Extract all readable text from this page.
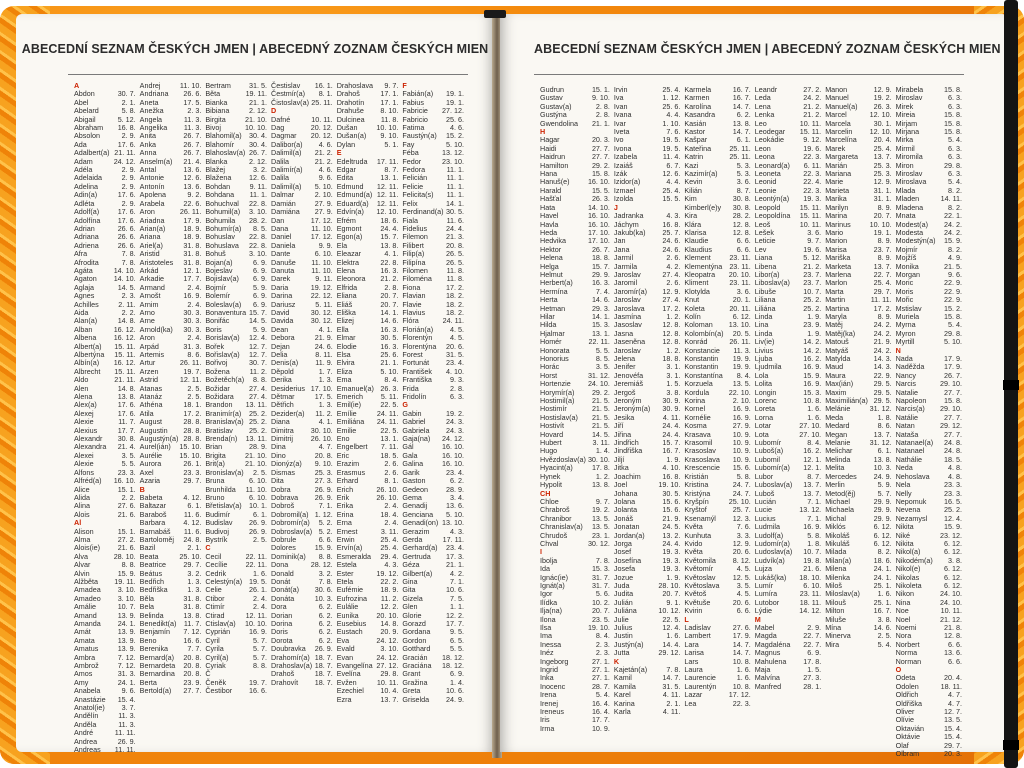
ABECEDNÍ SEZNAM ČESKÝCH JMEN | ABECEDNÝ ZOZNAM ČESKÝCH MIEN
A
Abdon	30. 7.
Abel	2. 1.
Abelard	5. 8.
Abigail	5. 12.
Abraham 16. 8.
Absolon	2. 9.
Ada	17. 6.
Adalbert(a) 21. 11.
Adam	24. 12.
Adéla	2. 9.
Adelaida	2. 9.
Adelina	2. 9.
Adin(a)	17. 6.
Adléta	2. 9.
Adolf(a)	17. 6.
Adolfína 17. 6.
Adrian	26. 6.
Adriana	26. 6.
Adriena	26. 6.
Afra	7. 8.
Afrodita	7. 8.
Agáta	14. 10.
Agaton 14. 10.
Aglaja	14. 5.
Agnes	2. 3.
Achilles	2. 11.
Aida	2. 2.
Alan(a)	14. 8.
Alban	16. 12.
Albena 16. 12.
Albert(a) 15. 11.
Albertýna 15. 11.
Albín(a) 16. 12.
Albrecht 15. 11.
Aldo	21. 11.
Alen	14. 8.
Alena	13. 8.
Alex(a)	17. 6.
Alexej	17. 6.
Alexie	11. 7.
Alexius	17. 7.
Alexandr 30. 8.
Alexandra 21. 4.
Alexei	3. 5.
Alexie	5. 5.
Alfons	23. 3.
Alfréd(a) 16. 10.
Alice	15. 1.
Alida	2. 2.
Alina	27. 6.
Alois	21. 6.
Al
Alison	15. 1.
Alma	27. 2.
Alois(ie) 21. 6.
Alva	28. 10.
Alvar	8. 8.
Alvin	15. 9.
Alžběta 19. 11.
Amadea 3. 10.
Amadeo 3. 10.
Amálie	10. 7.
Amand	13. 9.
Amanda 24. 1.
Amát	13. 9.
Amata	13. 9.
Amatus	13. 9.
Ambra	7. 12.
Ambrož	7. 12.
Amos	31. 3.
Amy	24. 1.
Anabela	9. 6.
Anastázie 15. 4.
Anatol(ie) 3. 7.
Andělín	11. 3.
Anděla	11. 3.
André	11. 11.
Andrea	26. 9.
Andreas 11. 11.
Andrej	11. 10.
Andriana 26. 6.
Aneta	17. 5.
Anežka	2. 3.
Angela	11. 3.
Angelika 11. 3.
Anita	26. 7.
Anka	26. 7.
Anna	26. 7.
Anselm(a) 21. 4.
Antal	13. 6.
Antonie	12. 6.
Antonín	13. 6.
Apolena	9. 2.
Arabela	22. 6.
Aron	26. 11.
Ariadna	17. 9.
Arian(a)	18. 9.
Ariana	18. 9.
Ariel(a)	31. 8.
Aristid	31. 8.
Aristoteles 31. 8.
Arkád	12. 1.
Arkadie	17. 7.
Armand	2. 4.
Arnošt	16. 9.
Arnim	2. 4.
Arno	30. 3.
Arne	30. 3.
Arnold(ka) 30. 3.
Aron	2. 4.
Arpád	31. 3.
Artemis	8. 6.
Artur	26. 11.
Arzen	19. 7.
Astrid	12. 11.
Atanas	2. 5.
Atanáz	2. 5.
Athéna	18. 1.
Atila	17. 2.
August	28. 8.
Augustin 28. 8.
Augustýn(a) 28. 8.
Aurel(ián) 15. 10.
Aurélie 15. 10.
Aurora	26. 1.
Axel	23. 3.
Azaria	29. 7.
B
Babeta	4. 12.
Baltazar	6. 1.
Baraboš 11. 6.
Barbara	4. 12.
Barnabáš 11. 6.
Bartoloměj 24. 8.
Bazil	2. 1.
Beata	25. 10.
Beatrice 29. 7.
Beátus	3. 2.
Bedřich	1. 3.
Bedřiška	1. 3.
Běla	31. 8.
Bela	31. 8.
Belinda	13. 8.
Benedikt(a) 11. 7.
Benjamín 7. 12.
Beno	16. 6.
Berenika	7. 7.
Bernard(a) 20. 8.
Bernardeta 20. 8.
Bernardina 20. 8.
Berta	23. 9.
Bertold(a) 27. 7.
Bertram	31. 5.
Běta	19. 11.
Bianka	21. 1.
Bibiana	2. 12.
Birgita	21. 10.
Bivoj	10. 10.
Blahomil(a) 30. 4.
Blahomír 30. 4.
Blahoslav(a) 26. 7.
Blanka	2. 12.
Blažej	3. 2.
Blažena 12. 6.
Bohdan	9. 11.
Bohdana 11. 1.
Bohuchval 22. 8.
Bohumil(a) 3. 10.
Bohumila 28. 2.
Bohumír(a) 8. 5.
Bohuslav 22. 8.
Bohuslava 22. 8.
Bohuš	3. 10.
Bojan(a)	6. 9.
Bojeslav	6. 9.
Bojislav(a) 6. 9.
Bojmír	5. 9.
Bolemír	6. 9.
Boleslav(a) 6. 9.
Bonaventura 15. 7.
Bonifác	14. 5.
Boris	5. 9.
Borislav(a) 12. 4.
Bořek	12. 7.
Bořislav(a) 12. 7.
Bořivoj	30. 7.
Božena	11. 2.
Božetěch(a) 8. 8.
Božidar	27. 4.
Božidara 27. 4.
Brandon 13. 11.
Branimír(a) 25. 2.
Branislav(a) 25. 2.
Bratislav 25. 2.
Brenda(n) 13. 11.
Brian	28. 9.
Brigita	21. 10.
Brit(a)	21. 10.
Bronislav(a) 2. 5.
Bruna	6. 10.
Brunhilda 11. 10.
Bruno	6. 10.
Břetislav(a) 10. 1.
Budimír	6. 1.
Budislav 26. 9.
Budivoj	26. 9.
Bystrík	2. 5.
C
Cecil	22. 11.
Cecílie	22. 11.
Cedrik	1. 6.
Celestýn(a) 19. 5.
Celie	26. 1.
Ctibor	2. 4.
Ctimír	2. 4.
Ctirad	12. 11.
Ctislav(a) 10. 10.
Cyprián	16. 9.
Cyril	5. 7.
Cyrila	5. 7.
Cyril(a)	5. 7.
Cyriak	8. 8.
Č
Čeněk	19. 7.
Čestibor 16. 6.
Čestislav 16. 1.
Čestmír(a) 8. 1.
Čistoslav(a) 25. 11.
D
Dafné	10. 11.
Dag	20. 12.
Dagmar 20. 12.
Dalibor(a) 4. 6.
Dalimil(a) 21. 2.
Dalila	21. 2.
Dalimír(a) 4. 6.
Dalila	9. 6.
Dalimil(a) 5. 10.
Dalmar	2. 10.
Damián	27. 9.
Damiána 27. 9.
Dan	17. 12.
Dana	11. 10.
Daniel	17. 12.
Daniela	9. 9.
Dante	6. 10.
Danuše 11. 10.
Danuta 11. 10.
Darek	9. 11.
Daria	19. 12.
Darina	22. 12.
Dariusz	5. 11.
David	30. 12.
Davida 30. 12.
Dean	4. 1.
Debora	21. 9.
Dejan	24. 6.
Delia	8. 11.
Denis(a) 11. 9.
Děpold	1. 7.
Derika	1. 3.
Desiderius 17. 10.
Dětmar	17. 5.
Dětřich	1. 3.
Dezider(a) 11. 2.
Diana	4. 1.
Dimitra 30. 10.
Dimitrij 26. 10.
Dina	4. 7.
Dino	20. 8.
Dionýz(a) 9. 10.
Dismas	25. 3.
Dita	27. 3.
Dobra	26. 9.
Dobrava 26. 9.
Dobroš	7. 1.
Dobromil(a) 1. 12.
Dobromír(a) 5. 2.
Dobroslav(a) 5. 2.
Dobrule	6. 6.
Dolores	15. 9.
Dominik(a) 8. 8.
Dona	28. 12.
Donald	3. 2.
Donát	7. 8.
Donát(a) 30. 6.
Donáta	10. 3.
Dora	6. 2.
Dorian	6. 2.
Dorina	6. 2.
Doris	6. 2.
Dorota	6. 2.
Doubravka 26. 9.
Drahomír(a) 18. 7.
Drahoslav(a) 18. 7.
Drahoš	18. 7.
Drahovít 18. 7.
Drahoslava 9. 7.
Drahoš	17. 1.
Drahotín 17. 1.
Drahuše 8. 10.
Dulcinea 11. 8.
Dušan	10. 10.
Dušan(a) 9. 10.
Dylan	5. 1.
E
Edeltruda 17. 11.
Edgar	8. 7.
Edita	13. 1.
Edmund 12. 11.
Edmund(a) 12. 11.
Eduard(a) 12. 11.
Edvín(a) 12. 10.
Efrém	18. 6.
Egmont	24. 4.
Egon(a)	15. 7.
Ela	13. 8.
Eleazar	4. 1.
Elektra	22. 8.
Elena	16. 3.
Eleonora 21. 2.
Elfrida	2. 8.
Eliana	20. 7.
Eliáš	20. 7.
Eliška	14. 1.
Elizej	14. 6.
Ella	16. 3.
Elmar	30. 5.
Elodie	16. 3.
Elsa	25. 6.
Elvira	21. 1.
Eliza	5. 10.
Ema	8. 4.
Emanuel(a) 26. 3.
Emerich 5. 11.
Emil(ie)	22. 5.
Emílie	24. 11.
Emiliána 24. 11.
Emilie	22. 5.
Eno	13. 1.
Engelbert 7. 11.
Eric	18. 5.
Erazim	2. 6.
Erasmus	2. 6.
Erhard	8. 1.
Erich	26. 10.
Erik	26. 10.
Erika	2. 4.
Erina	18. 4.
Erna	2. 4.
Ernest	3. 11.
Erwin	25. 4.
Ervín(a)	25. 4.
Esmeralda 29. 4.
Estela	4. 3.
Ester	19. 12.
Etela	22. 2.
Eufémie 18. 9.
Eufrozina 11. 2.
Eulálie	12. 2.
Eunika 20. 10.
Eusebius 14. 8.
Eustach 20. 9.
Eva	24. 12.
Evald	3. 10.
Evan	24. 12.
Evangelína 27. 12.
Evelína	29. 8.
Evžen	10. 11.
Ezechiel 10. 4.
Ezra	13. 7.
F
Fabián(a) 19. 1.
Fabius	19. 1.
Fabricie 27. 12.
Fabricio	25. 6.
Fatima	4. 6.
Faustýn(a) 15. 2.
Fay	5. 10.
Féba	13. 12.
Fedor	23. 10.
Fedora	11. 1.
Felicián	11. 1.
Felicie	11. 1.
Felicita(s) 11. 1.
Felix	14. 1.
Ferdinand(a) 30. 5.
Fiala	11. 6.
Fidelius	24. 4.
Filemon	21. 3.
Filibert	20. 8.
Filip(a)	26. 5.
Filipína	26. 5.
Filomen	11. 8.
Filoména 11. 8.
Fiona	17. 2.
Flavian	18. 2.
Flavie	18. 2.
Flavius	18. 2.
Flóra	24. 11.
Florián(a) 4. 5.
Florentýn 4. 5.
Florentýna 20. 6.
Forest	31. 5.
Fortunát 23. 4.
František 4. 10.
Františka	9. 3.
Frida	2. 8.
Fridolín	6. 3.
G
Gabin	19. 2.
Gabriel	24. 3.
Gabriela 24. 3.
Gaja(na) 24. 12.
Gál	16. 10.
Gala	16. 10.
Galina	16. 10.
Garik	23. 4.
Gaston	6. 2.
Gedeon	28. 9.
Gema	3. 4.
Genadij	13. 6.
Genciana 5. 10.
Genadi(on) 13. 10.
Gerazim	4. 3.
Gerda	17. 11.
Gerhard(a) 23. 4.
Gertruda 17. 3.
Géza	21. 1.
Gilbert(a) 4. 2.
Gina	7. 1.
Gita	10. 6.
Gizela	7. 5.
Glen	1. 1.
Glorie	12. 2.
Gorazd	17. 7.
Gordana	9. 5.
Gordon	6. 5.
Gotthard	5. 5.
Gracián 18. 12.
Graciána 18. 12.
Grant	6. 9.
Gražina	1. 4.
Greta	10. 6.
Griselda 24. 9.
ABECEDNÍ SEZNAM ČESKÝCH JMEN | ABECEDNÝ ZOZNAM ČESKÝCH MIEN
Gudrun	15. 1.
Gustav	9. 10.
Gustav(a)	2. 8.
Gustýna	2. 8.
Gwendolina 21. 1.
H
Hagar	20. 3.
Haidi	27. 7.
Haidrun	27. 7.
Hamilton	29. 2.
Hana	15. 8.
Hanuš(e)	16. 10.
Harald	15. 5.
Hašťal	26. 3.
Hata	14. 10.
Havel	16. 10.
Havla	16. 10.
Heda	17. 10.
Hedvika	17. 10.
Hektor	26. 7.
Helena	18. 8.
Helga	15. 7.
Helmut	29. 9.
Herbert(a)	16. 3.
Hermína	7. 4.
Herta	14. 6.
Hetman	29. 3.
Hilar	14. 1.
Hilda	15. 3.
Hjalmar	13. 1.
Homér	22. 11.
Honorata	5. 5.
Honorius	8. 5.
Horác	3. 5.
Horst	31. 12.
Hortenzie 24. 10.
Horymír(a) 29. 2.
Hostimil(a) 21. 5.
Hostimír	21. 5.
Hostislav(a) 21. 5.
Hostivít	21. 5.
Hovard	14. 5.
Hubert	3. 11.
Hugo	1. 4.
Hvězdoslav(a) 30. 10.
Hyacint(a)	17. 8.
Hynek	1. 2.
Hypolit	13. 8.
CH
Chloe	9. 7.
Chrabroš	19. 2.
Chranibor	13. 5.
Chranislav(a) 13. 5.
Chrudoš	23. 1.
Chval	30. 12.
I
Ibolja	7. 8.
Ida	15. 3.
Ignác(ie)	31. 7.
Ignát(a)	31. 7.
Igor	5. 6.
Ilídka	10. 2.
Ilja(na)	20. 7.
Ilona	23. 5.
Ilsa	19. 10.
Ima	8. 4.
Inessa	2. 3.
Inéz	2. 3.
Ingeborg	27. 1.
Ingrid	27. 1.
Inka	27. 1.
Inocenc	28. 7.
Irena	5. 4.
Irenej	16. 4.
Ireneus	16. 4.
Iris	17. 7.
Irma	10. 9.
Irvin	25. 4.
Iva	1. 12.
Ivan	25. 6.
Ivana	4. 4.
Ivar	1. 10.
Iveta	7. 6.
Ivo	19. 5.
Ivona	19. 5.
Izabela	11. 4.
Izaiáš	6. 7.
Izák	12. 6.
Izidor(a)	4. 4.
Izmael	25. 4.
Izolda	15. 5.
J
Jadranka	4. 3.
Jáchym	16. 8.
Jakub(ka) 25. 7.
Jan	24. 6.
Jana	24. 6.
Jarmil	2. 6.
Jarmila	4. 2.
Jaroslav	27. 4.
Jaromil	2. 6.
Jaromír(a) 12. 9.
Jaroslav	27. 4.
Jaroslava 17. 2.
Jasmína	1. 2.
Jasoslav	12. 8.
Jasna	12. 8.
Jaseněna 12. 8.
Jaroslav	1. 2.
Jelena	18. 8.
Jenifer	3. 1.
Jenovéfa	3. 1.
Jeremiáš	1. 5.
Jergoš	3. 8.
Jeroným	30. 9.
Jeroným(a) 30. 9.
Jesika	4. 11.
Jiří	24. 4.
Jiřina	24. 4.
Jindřich	15. 7.
Jindřiška	16. 7.
Jiljí	1. 9.
Jitka	4. 10.
Joachim	16. 8.
Joel	19. 10.
Johana	30. 5.
Jolana	15. 6.
Jolanta	15. 6.
Jonáš	21. 9.
Jonatan	24. 5.
Jordan(a) 13. 2.
Jorga	24. 4.
Josef	19. 3.
Josefína	19. 3.
Josefa	19. 3.
Jozue	1. 9.
Juda	28. 10.
Judita	20. 7.
Julián	9. 1.
Juliána	10. 12.
Julie	22. 5.
Julius	12. 4.
Justin	1. 6.
Justýn(a)	14. 4.
Jutta	29. 12.
K
Kajetán(a)	7. 8.
Kamil	14. 7.
Kamila	31. 5.
Karel	4. 11.
Karina	2. 1.
Karla	4. 11.
Karmela	16. 7.
Karmen	16. 7.
Karolína	14. 7.
Kasandra	6. 2.
Kasián	13. 8.
Kastor	14. 7.
Kašpar	6. 1.
Kateřina	25. 11.
Katrin	25. 11.
Kazi	5. 3.
Kazimír(a)	5. 3.
Kevin	3. 6.
Kilián	8. 7.
Kim	30. 8.
Kimberl(e)y 30. 8.
Kira	28. 2.
Klára	12. 8.
Klarisa	12. 8.
Klaudie	6. 6.
Klaudius	6. 6.
Klement	23. 11.
Klementýna 23. 11.
Kleopatra 20. 10.
Kliment	23. 11.
Klotylda	3. 6.
Knut	20. 1.
Koleta	20. 11.
Kolín	6. 12.
Koloman 13. 10.
Kolombín(a) 20. 5.
Konrád	26. 11.
Konstancie 11. 3.
Konstantin 19. 9.
Konstantin 19. 9.
Konstantína 8. 4.
Korzuela	13. 5.
Kordula	22. 10.
Korina	2. 10.
Kornel	16. 9.
Kornélie	16. 9.
Kosma	27. 9.
Krasava	10. 9.
Krasomil	10. 9.
Krasoslav 10. 9.
Krasoslava 10. 9.
Krescencie 15. 6.
Kristián	5. 8.
Kristina	24. 7.
Kristýna	24. 7.
Kryšpín	25. 10.
Kryštof	25. 7.
Ksenamýl 12. 3.
Květa	7. 6.
Kunhuta	3. 3.
Kvido	12. 9.
Květa	20. 6.
Květomila 8. 12.
Květomír	4. 5.
Květoslav 12. 5.
Květoslava 3. 5.
Květoš	4. 5.
Květuše	20. 6.
Kvirin	6. 6.
L
Ladislav	27. 6.
Lambert	17. 9.
Lara	14. 7.
Larisa	14. 7.
Lars	10. 8.
Laura	1. 6.
Laurencie	1. 6.
Laurentýn 10. 8.
Lazar	17. 12.
Lea	22. 3.
Leandr	27. 2.
Leda	24. 2.
Lena	21. 2.
Lenka	21. 2.
Leo	10. 11.
Leodegar 15. 11.
Leokádie	9. 12.
Leon	19. 6.
Leona	22. 3.
Leonard(a) 6. 11.
Leoneta	22. 3.
Leonid	22. 4.
Leonie	22. 3.
Leontýn(a) 19. 3.
Leopold	15. 11.
Leopoldína 15. 11.
Leoš	10. 11.
Lešek	3. 6.
Leticie	9. 7.
Lev	19. 6.
Liana	5. 12.
Libena	21. 2.
Libor(a)	23. 7.
Liboslav(a) 23. 7.
Libuše	10. 7.
Liliana	25. 2.
Liliána	25. 2.
Linda	1. 9.
Lina	23. 9.
Linda	1. 9.
Liv(ie)	14. 2.
Livius	14. 2.
Ljuba	16. 2.
Ljudmila	16. 9.
Lola	15. 9.
Lolita	16. 9.
Longin	15. 3.
Lorenc	10. 8.
Loreta	1. 6.
Lorna	1. 6.
Lotar	27. 10.
Lota	27. 10.
Lubomír	8. 4.
Luboš(a)	16. 2.
Lubomil	12. 1.
Lubomír(a) 12. 1.
Lubor	8. 7.
Luboslav(a) 13. 7.
Luboš	13. 7.
Lucián	7. 1.
Lucie	13. 12.
Lucius	7. 1.
Ludmila	16. 9.
Ludolf(a)	5. 8.
Ludomír(a) 1. 8.
Ludoslav(a) 10. 7.
Ludvík(a)	19. 8.
Lujza	21. 6.
Lukáš(ka) 18. 10.
Lumír	6. 10.
Lumíra	23. 11.
Lutobor	18. 11.
Lýdie	14. 12.
M
Mabel	2. 9.
Magda	22. 7.
Magdaléna 22. 7.
Magnus	6. 9.
Mahulena 17. 8.
Maja	1. 5.
Malvína	27. 3.
Manfred	28. 1.
Manon	12. 9.
Manuel	19. 2.
Manuel(a) 26. 3.
Marcel	12. 10.
Marcela	30. 1.
Marcelin 12. 10.
Marcelína 20. 4.
Marek	25. 4.
Margareta 13. 7.
Marián	25. 3.
Mariana	25. 3.
Marie	12. 9.
Marieta	31. 1.
Marika	31. 1.
Marilyn	8. 9.
Marina	20. 7.
Marinus	10. 10.
Mario	19. 1.
Marion	8. 9.
Marisa	23. 7.
Mariška	8. 9.
Marketa	13. 7.
Marlena	22. 7.
Marlon	25. 4.
Marta	29. 7.
Martin	11. 11.
Martina	17. 2.
Maryla	8. 9.
Matěj	24. 2.
Matěj(ka)	24. 2.
Matouš	21. 9.
Matyáš	24. 2.
Matylda	14. 3.
Maud	14. 3.
Maura	22. 9.
Max(ián)	29. 5.
Maxim	29. 5.
Maximilián(a) 29. 5.
Melánie	31. 12.
Meda	1. 8.
Medard	8. 6.
Megan	13. 7.
Melanie	31. 12.
Melichar	6. 1.
Melinda	13. 8.
Melita	10. 3.
Mercedes 24. 9.
Merlin	5. 9.
Metod(ěj)	5. 7.
Michael	29. 9.
Michaela	29. 9.
Michal	29. 9.
Miklós	6. 12.
Mikoláš	6. 12.
Mikuláš	6. 12.
Milada	8. 2.
Milan(a)	18. 6.
Milena	24. 1.
Milenka	24. 1.
Miloš	25. 1.
Miloslav(a) 1. 6.
Milouš	25. 1.
Milton	16. 7.
Miluše	3. 8.
Mína	14. 6.
Minerva	2. 5.
Mira	5. 4.
Mirabela	15. 8.
Miroslav	6. 3.
Mirek	6. 3.
Mireia	15. 8.
Mirjam	15. 8.
Mirjana	15. 8.
Mirka	5. 4.
Mirmil	6. 3.
Miromila	6. 3.
Miron	29. 8.
Miroslav	6. 3.
Miroslava	5. 4.
Mlada	8. 2.
Mladen	14. 11.
Mladena	8. 2.
Mnata	22. 1.
Modest(a) 24. 2.
Modesta	24. 2.
Modestýn(a) 15. 9.
Mojmír	8. 2.
Mojžíš	4. 9.
Monika	21. 5.
Morgan	9. 6.
Moric	22. 9.
Moris	22. 9.
Mořic	22. 9.
Mstislav	15. 2.
Muriela	15. 8.
Myrna	5. 4.
Myron	29. 8.
Myrtill	5. 10.
N
Nada	17. 9.
Naděžda	17. 9.
Nancy	26. 7.
Narcis	29. 10.
Natalie	27. 7.
Napoleon 15. 8.
Narcis(a) 29. 10.
Natálie	27. 7.
Natan	29. 12.
Nataša	27. 7.
Natanael(a) 24. 8.
Natanael	24. 8.
Nathálie	18. 5.
Neda	4. 8.
Nehoslava	4. 8.
Nela	23. 3.
Nelly	23. 3.
Nepomuk 16. 5.
Nevena	25. 2.
Nezamysl 12. 4.
Nikita	15. 9.
Niké	23. 12.
Nikita	6. 12.
Nikol(a)	6. 12.
Nikodém(a) 3. 8.
Nikol(e)	6. 12.
Nikolas	6. 12.
Nikoleta	6. 12.
Nikon	24. 10.
Nina	24. 10.
Noe	10. 11.
Noel	21. 12.
Noemi	21. 8.
Nora	12. 8.
Norbert	6. 6.
Norma	13. 6.
Norman	6. 6.
O
Odeta	20. 4.
Odolen	18. 11.
Oldřich	4. 7.
Oldřiška	4. 7.
Oliver	12. 7.
Olívie	13. 5.
Oktavián	15. 4.
Oktávie	15. 4.
Olaf	29. 7.
Olbram	20. 3.
